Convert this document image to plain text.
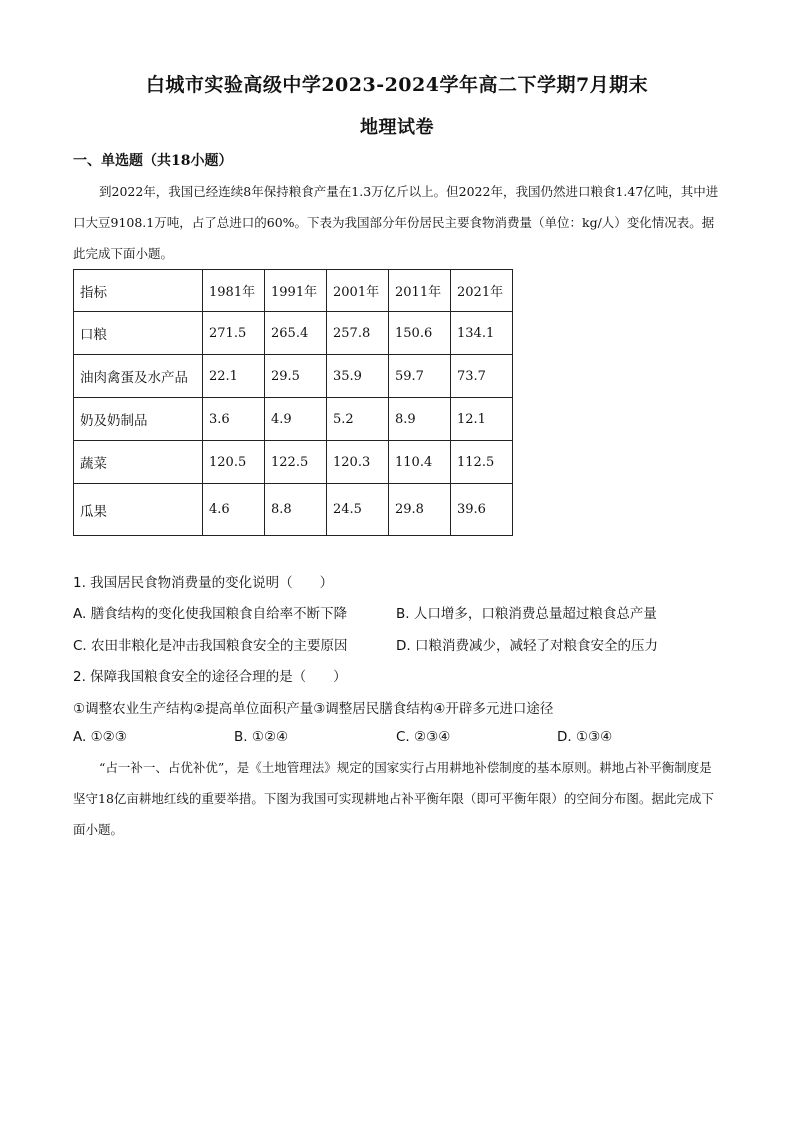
白城市实验高级中学2023-2024学年高二下学期7月期末
地理试卷
一、单选题（共18小题）

到2022年，我国已经连续8年保持粮食产量在1.3万亿斤以上。但2022年，我国仍然进口粮食1.47亿吨，其中进口大豆9108.1万吨，占了总进口的60%。下表为我国部分年份居民主要食物消费量（单位：kg/人）变化情况表。据此完成下面小题。

指标	1981年	1991年	2001年	2011年	2021年
口粮	271.5	265.4	257.8	150.6	134.1
油肉禽蛋及水产品	22.1	29.5	35.9	59.7	73.7
奶及奶制品	3.6	4.9	5.2	8.9	12.1
蔬菜	120.5	122.5	120.3	110.4	112.5
瓜果	4.6	8.8	24.5	29.8	39.6
1. 我国居民食物消费量的变化说明（　　）
A. 膳食结构的变化使我国粮食自给率不断下降	B. 人口增多，口粮消费总量超过粮食总产量
C. 农田非粮化是冲击我国粮食安全的主要原因	D. 口粮消费减少，减轻了对粮食安全的压力
2. 保障我国粮食安全的途径合理的是（　　）
①调整农业生产结构②提高单位面积产量③调整居民膳食结构④开辟多元进口途径
A. ①②③	B. ①②④	C. ②③④	D. ①③④

“占一补一、占优补优”，是《土地管理法》规定的国家实行占用耕地补偿制度的基本原则。耕地占补平衡制度是坚守18亿亩耕地红线的重要举措。下图为我国可实现耕地占补平衡年限（即可平衡年限）的空间分布图。据此完成下面小题。
